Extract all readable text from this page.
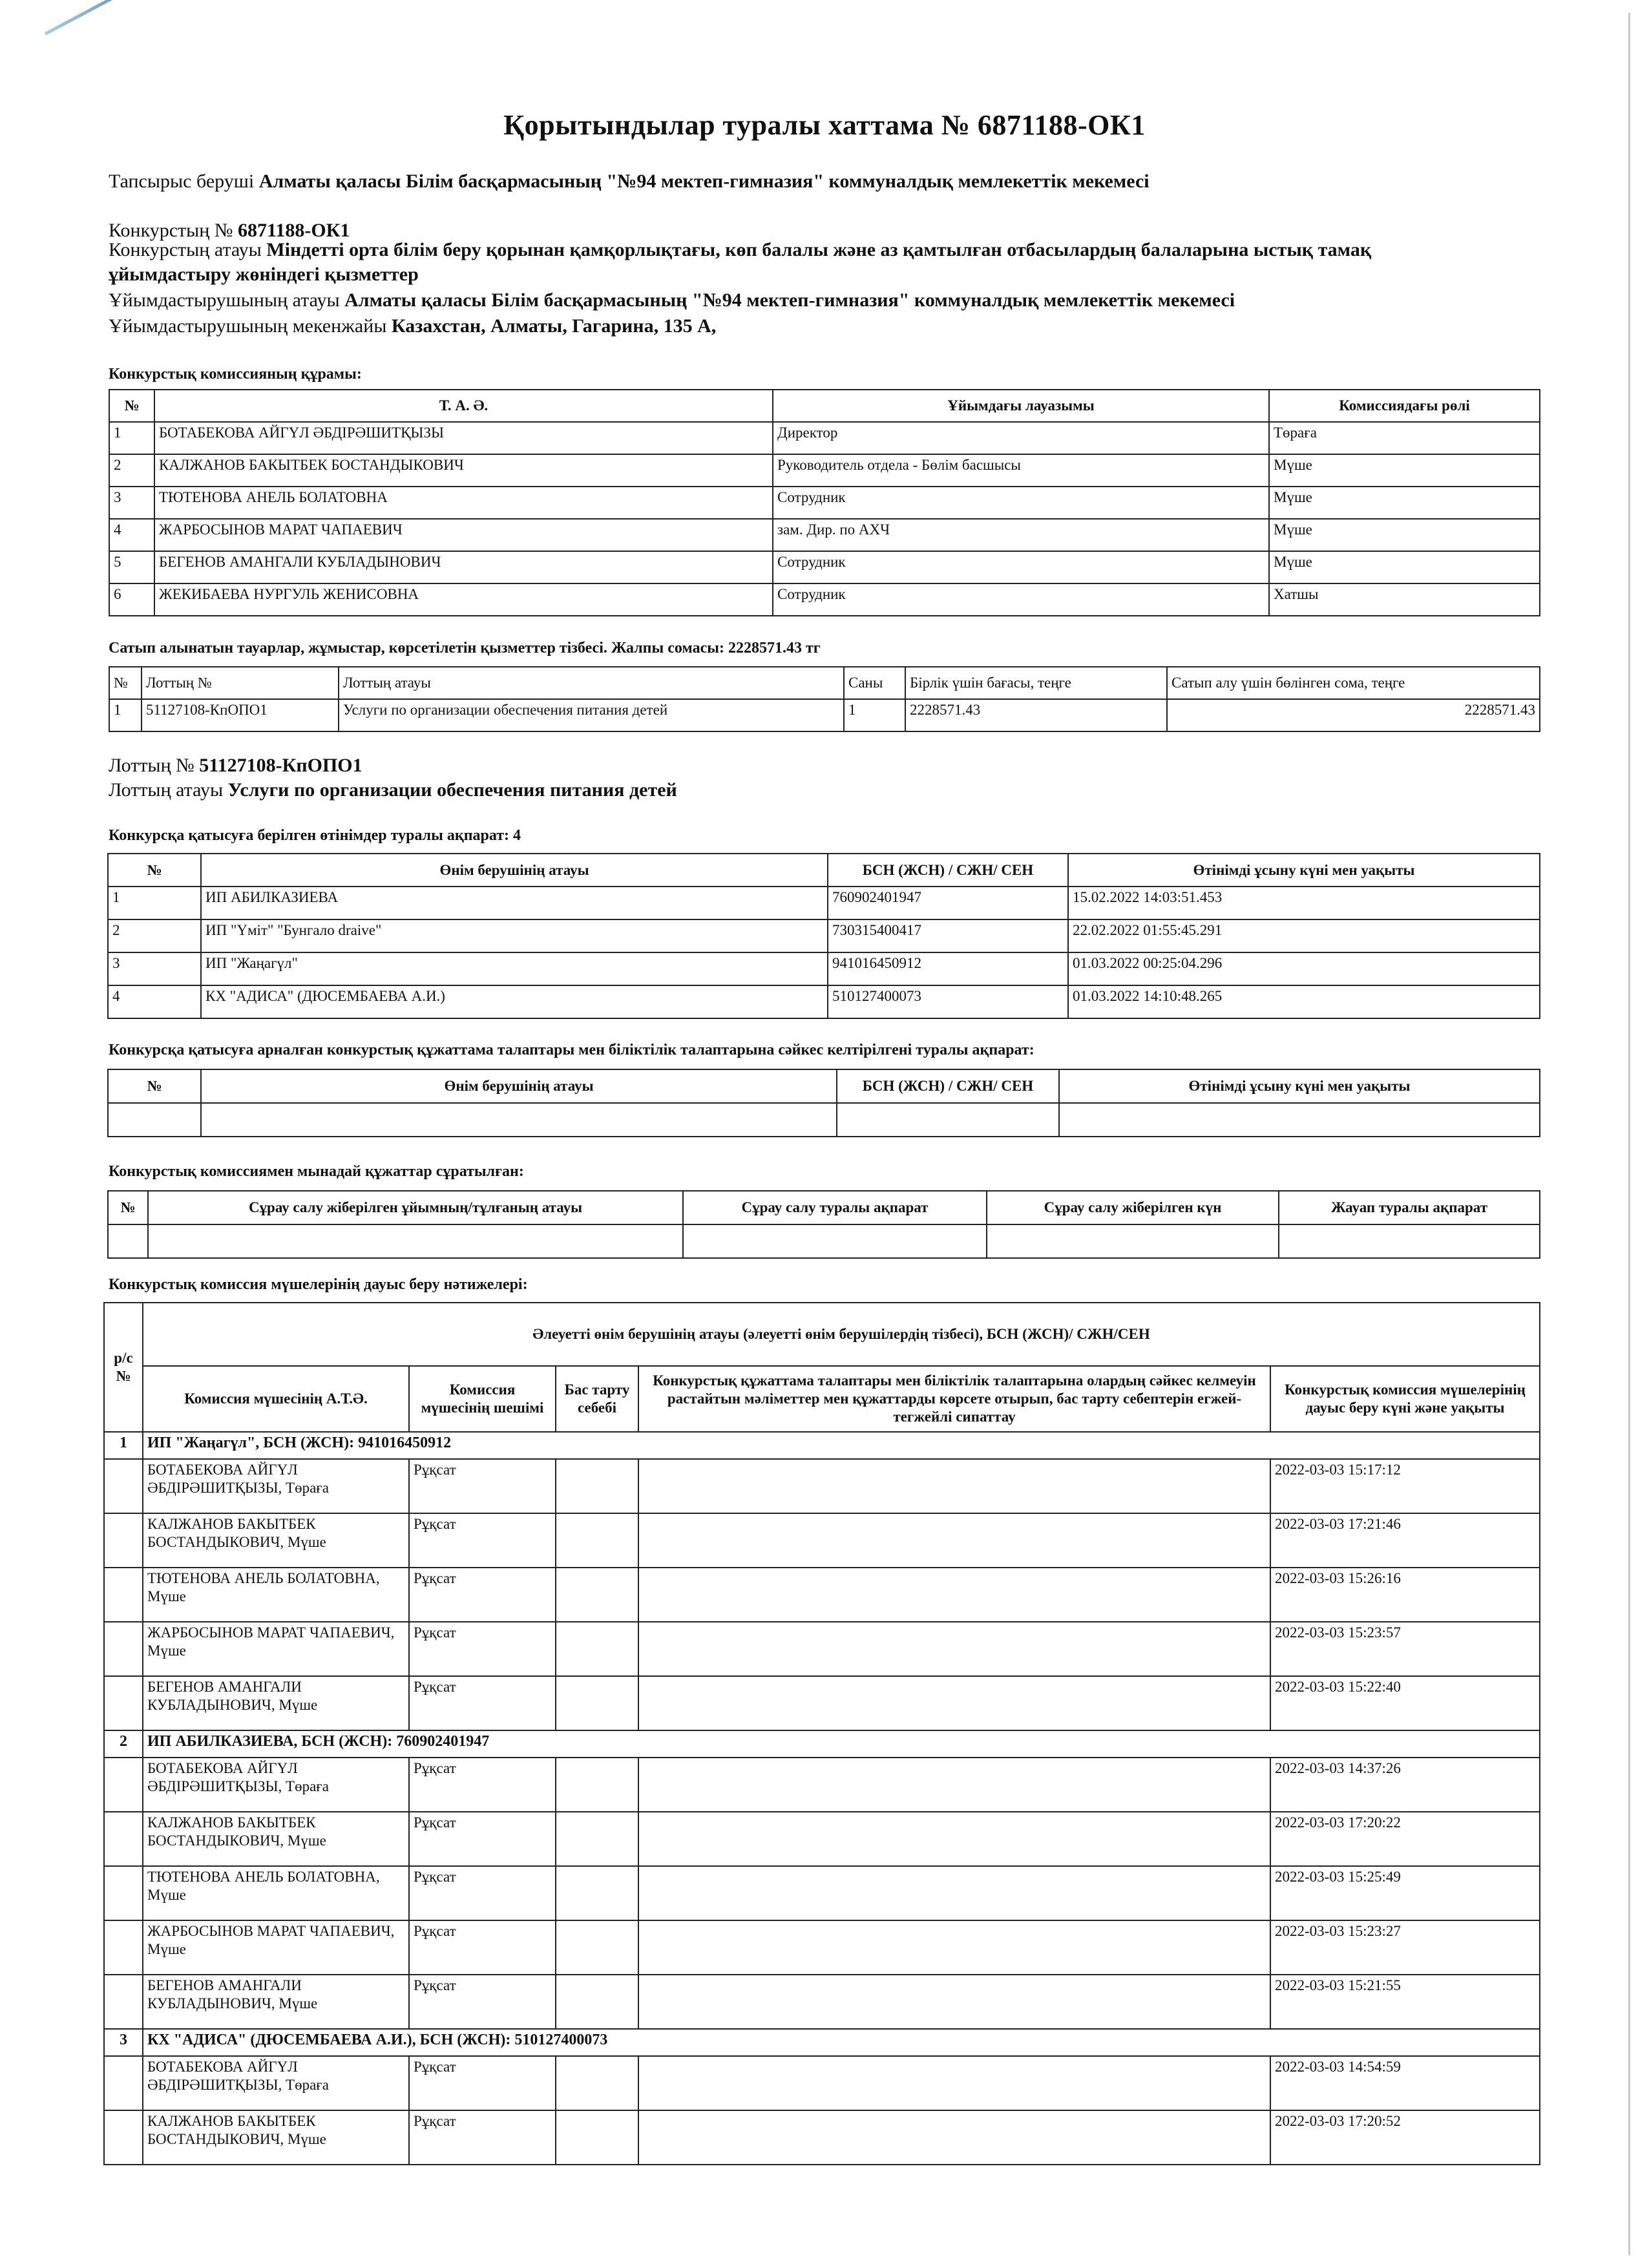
Қорытындылар туралы хаттама № 6871188-ОК1
Тапсырыс беруші Алматы қаласы Білім басқармасының "№94 мектеп-гимназия" коммуналдық мемлекеттік мекемесі
Конкурстың № 6871188-ОК1
Конкурстың атауы Міндетті орта білім беру қорынан қамқорлықтағы, көп балалы және аз қамтылған отбасылардың балаларына ыстық тамақ ұйымдастыру жөніндегі қызметтер
Ұйымдастырушының атауы Алматы қаласы Білім басқармасының "№94 мектеп-гимназия" коммуналдық мемлекеттік мекемесі
Ұйымдастырушының мекенжайы Казахстан, Алматы, Гагарина, 135 А,
Конкурстық комиссияның құрамы:
№	Т. А. Ә.	Ұйымдағы лауазымы	Комиссиядағы рөлі
1	БОТАБЕКОВА АЙГҮЛ ӘБДІРӘШИТҚЫЗЫ	Директор	Төраға
2	КАЛЖАНОВ БАКЫТБЕК БОСТАНДЫКОВИЧ	Руководитель отдела - Бөлім басшысы	Мүше
3	ТЮТЕНОВА АНЕЛЬ БОЛАТОВНА	Сотрудник	Мүше
4	ЖАРБОСЫНОВ МАРАТ ЧАПАЕВИЧ	зам. Дир. по АХЧ	Мүше
5	БЕГЕНОВ АМАНГАЛИ КУБЛАДЫНОВИЧ	Сотрудник	Мүше
6	ЖЕКИБАЕВА НУРГУЛЬ ЖЕНИСОВНА	Сотрудник	Хатшы
Сатып алынатын тауарлар, жұмыстар, көрсетілетін қызметтер тізбесі. Жалпы сомасы: 2228571.43 тг
№	Лоттың №	Лоттың атауы	Саны	Бірлік үшін бағасы, теңге	Сатып алу үшін бөлінген сома, теңге
1	51127108-КпОПО1	Услуги по организации обеспечения питания детей	1	2228571.43	2228571.43
Лоттың № 51127108-КпОПО1
Лоттың атауы Услуги по организации обеспечения питания детей
Конкурсқа қатысуға берілген өтінімдер туралы ақпарат: 4
№	Өнім берушінің атауы	БСН (ЖСН) / СЖН/ СЕН	Өтінімді ұсыну күні мен уақыты
1	ИП АБИЛКАЗИЕВА	760902401947	15.02.2022 14:03:51.453
2	ИП "Үміт" "Бунгало draive"	730315400417	22.02.2022 01:55:45.291
3	ИП "Жаңагүл"	941016450912	01.03.2022 00:25:04.296
4	КХ "АДИСА" (ДЮСЕМБАЕВА А.И.)	510127400073	01.03.2022 14:10:48.265
Конкурсқа қатысуға арналған конкурстық құжаттама талаптары мен біліктілік талаптарына сәйкес келтірілгені туралы ақпарат:
№	Өнім берушінің атауы	БСН (ЖСН) / СЖН/ СЕН	Өтінімді ұсыну күні мен уақыты

Конкурстық комиссиямен мынадай құжаттар сұратылған:
№	Сұрау салу жіберілген ұйымның/тұлғаның атауы	Сұрау салу туралы ақпарат	Сұрау салу жіберілген күн	Жауап туралы ақпарат

Конкурстық комиссия мүшелерінің дауыс беру нәтижелері:
р/с №	Әлеуетті өнім берушінің атауы (әлеуетті өнім берушілердің тізбесі), БСН (ЖСН)/ СЖН/СЕН				
	Комиссия мүшесінің А.Т.Ә.	Комиссия мүшесінің шешімі	Бас тарту себебі	Конкурстық құжаттама талаптары мен біліктілік талаптарына олардың сәйкес келмеуін растайтын мәліметтер мен құжаттарды көрсете отырып, бас тарту себептерін егжей-тегжейлі сипаттау	Конкурстық комиссия мүшелерінің дауыс беру күні және уақыты
1	ИП "Жаңагүл", БСН (ЖСН): 941016450912				
	БОТАБЕКОВА АЙГҮЛ ӘБДІРӘШИТҚЫЗЫ, Төраға	Рұқсат			2022-03-03 15:17:12
	КАЛЖАНОВ БАКЫТБЕК БОСТАНДЫКОВИЧ, Мүше	Рұқсат			2022-03-03 17:21:46
	ТЮТЕНОВА АНЕЛЬ БОЛАТОВНА, Мүше	Рұқсат			2022-03-03 15:26:16
	ЖАРБОСЫНОВ МАРАТ ЧАПАЕВИЧ, Мүше	Рұқсат			2022-03-03 15:23:57
	БЕГЕНОВ АМАНГАЛИ КУБЛАДЫНОВИЧ, Мүше	Рұқсат			2022-03-03 15:22:40
2	ИП АБИЛКАЗИЕВА, БСН (ЖСН): 760902401947				
	БОТАБЕКОВА АЙГҮЛ ӘБДІРӘШИТҚЫЗЫ, Төраға	Рұқсат			2022-03-03 14:37:26
	КАЛЖАНОВ БАКЫТБЕК БОСТАНДЫКОВИЧ, Мүше	Рұқсат			2022-03-03 17:20:22
	ТЮТЕНОВА АНЕЛЬ БОЛАТОВНА, Мүше	Рұқсат			2022-03-03 15:25:49
	ЖАРБОСЫНОВ МАРАТ ЧАПАЕВИЧ, Мүше	Рұқсат			2022-03-03 15:23:27
	БЕГЕНОВ АМАНГАЛИ КУБЛАДЫНОВИЧ, Мүше	Рұқсат			2022-03-03 15:21:55
3	КХ "АДИСА" (ДЮСЕМБАЕВА А.И.), БСН (ЖСН): 510127400073				
	БОТАБЕКОВА АЙГҮЛ ӘБДІРӘШИТҚЫЗЫ, Төраға	Рұқсат			2022-03-03 14:54:59
	КАЛЖАНОВ БАКЫТБЕК БОСТАНДЫКОВИЧ, Мүше	Рұқсат			2022-03-03 17:20:52
